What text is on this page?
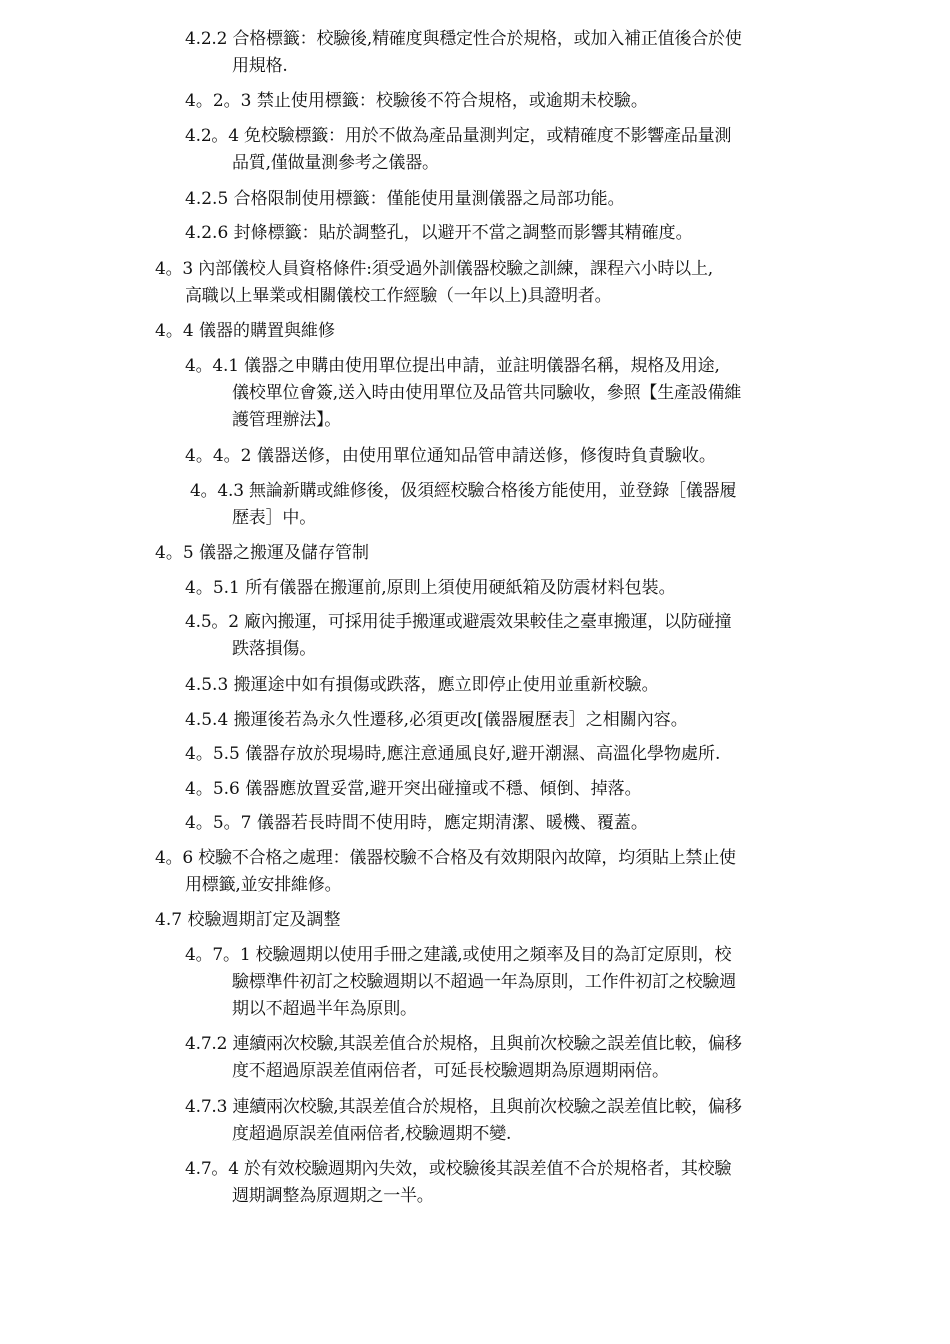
4.2.2 合格標籤：校驗後,精確度與穩定性合於規格，或加入補正值後合於使
用規格.
4。2。3 禁止使用標籤：校驗後不符合規格，或逾期未校驗。
4.2。4 免校驗標籤：用於不做為產品量測判定，或精確度不影響產品量測
品質,僅做量測參考之儀器。
4.2.5 合格限制使用標籤：僅能使用量測儀器之局部功能。
4.2.6 封條標籤：貼於調整孔，以避开不當之調整而影響其精確度。
4。3 內部儀校人員資格條件:須受過外訓儀器校驗之訓練，課程六小時以上,
高職以上畢業或相關儀校工作經驗（一年以上)具證明者。
4。4 儀器的購置與維修
4。4.1 儀器之申購由使用單位提出申請，並註明儀器名稱，規格及用途,
儀校單位會簽,送入時由使用單位及品管共同驗收，參照【生產設備維
護管理辦法】。
4。4。2 儀器送修，由使用單位通知品管申請送修，修復時負責驗收。
4。4.3 無論新購或維修後，伋須經校驗合格後方能使用，並登錄［儀器履
歷表］中。
4。5 儀器之搬運及儲存管制
4。5.1 所有儀器在搬運前,原則上須使用硬紙箱及防震材料包裝。
4.5。2 廠內搬運，可採用徒手搬運或避震效果較佳之臺車搬運，以防碰撞
跌落損傷。
4.5.3 搬運途中如有損傷或跌落，應立即停止使用並重新校驗。
4.5.4 搬運後若為永久性遷移,必須更改[儀器履歷表］之相關內容。
4。5.5 儀器存放於現場時,應注意通風良好,避开潮濕、高溫化學物處所.
4。5.6 儀器應放置妥當,避开突出碰撞或不穩、傾倒、掉落。
4。5。7 儀器若長時間不使用時，應定期清潔、暖機、覆蓋。
4。6 校驗不合格之處理：儀器校驗不合格及有效期限內故障，均須貼上禁止使
用標籤,並安排維修。
4.7 校驗週期訂定及調整
4。7。1 校驗週期以使用手冊之建議,或使用之頻率及目的為訂定原則，校
驗標準件初訂之校驗週期以不超過一年為原則，工作件初訂之校驗週
期以不超過半年為原則。
4.7.2 連續兩次校驗,其誤差值合於規格，且與前次校驗之誤差值比較，偏移
度不超過原誤差值兩倍者，可延長校驗週期為原週期兩倍。
4.7.3 連續兩次校驗,其誤差值合於規格，且與前次校驗之誤差值比較，偏移
度超過原誤差值兩倍者,校驗週期不變.
4.7。4 於有效校驗週期內失效，或校驗後其誤差值不合於規格者，其校驗
週期調整為原週期之一半。
